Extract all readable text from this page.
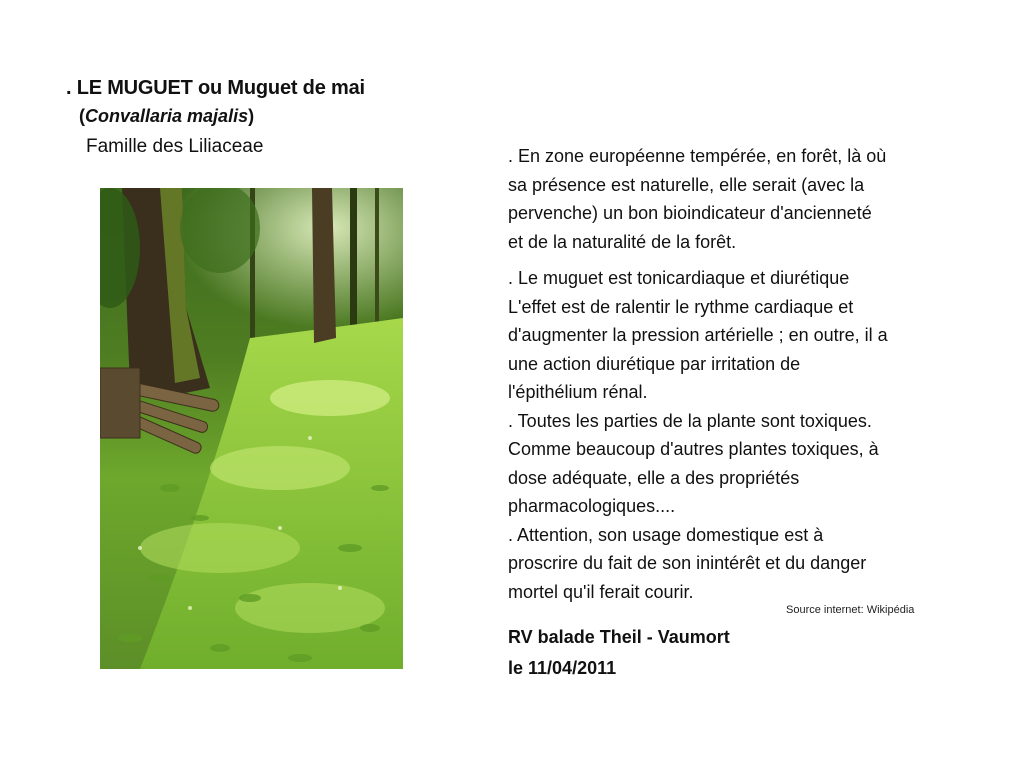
. LE MUGUET ou Muguet de mai
(Convallaria majalis)
Famille des Liliaceae	. En zone européenne tempérée, en forêt, là où
sa présence est naturelle, elle serait (avec la
pervenche) un bon bioindicateur d'ancienneté
et de la naturalité de la forêt.
. Le muguet est tonicardiaque et diurétique
L'effet est de ralentir le rythme cardiaque et
d'augmenter la pression artérielle ; en outre, il a
une action diurétique par irritation de
l'épithélium rénal.
. Toutes les parties de la plante sont toxiques.
Comme beaucoup d'autres plantes toxiques, à
dose adéquate, elle a des propriétés
pharmacologiques....
. Attention, son usage domestique est à
proscrire du fait de son inintérêt et du danger
mortel qu'il ferait courir.
Source internet: Wikipédia
RV balade Theil - Vaumort
le 11/04/2011
